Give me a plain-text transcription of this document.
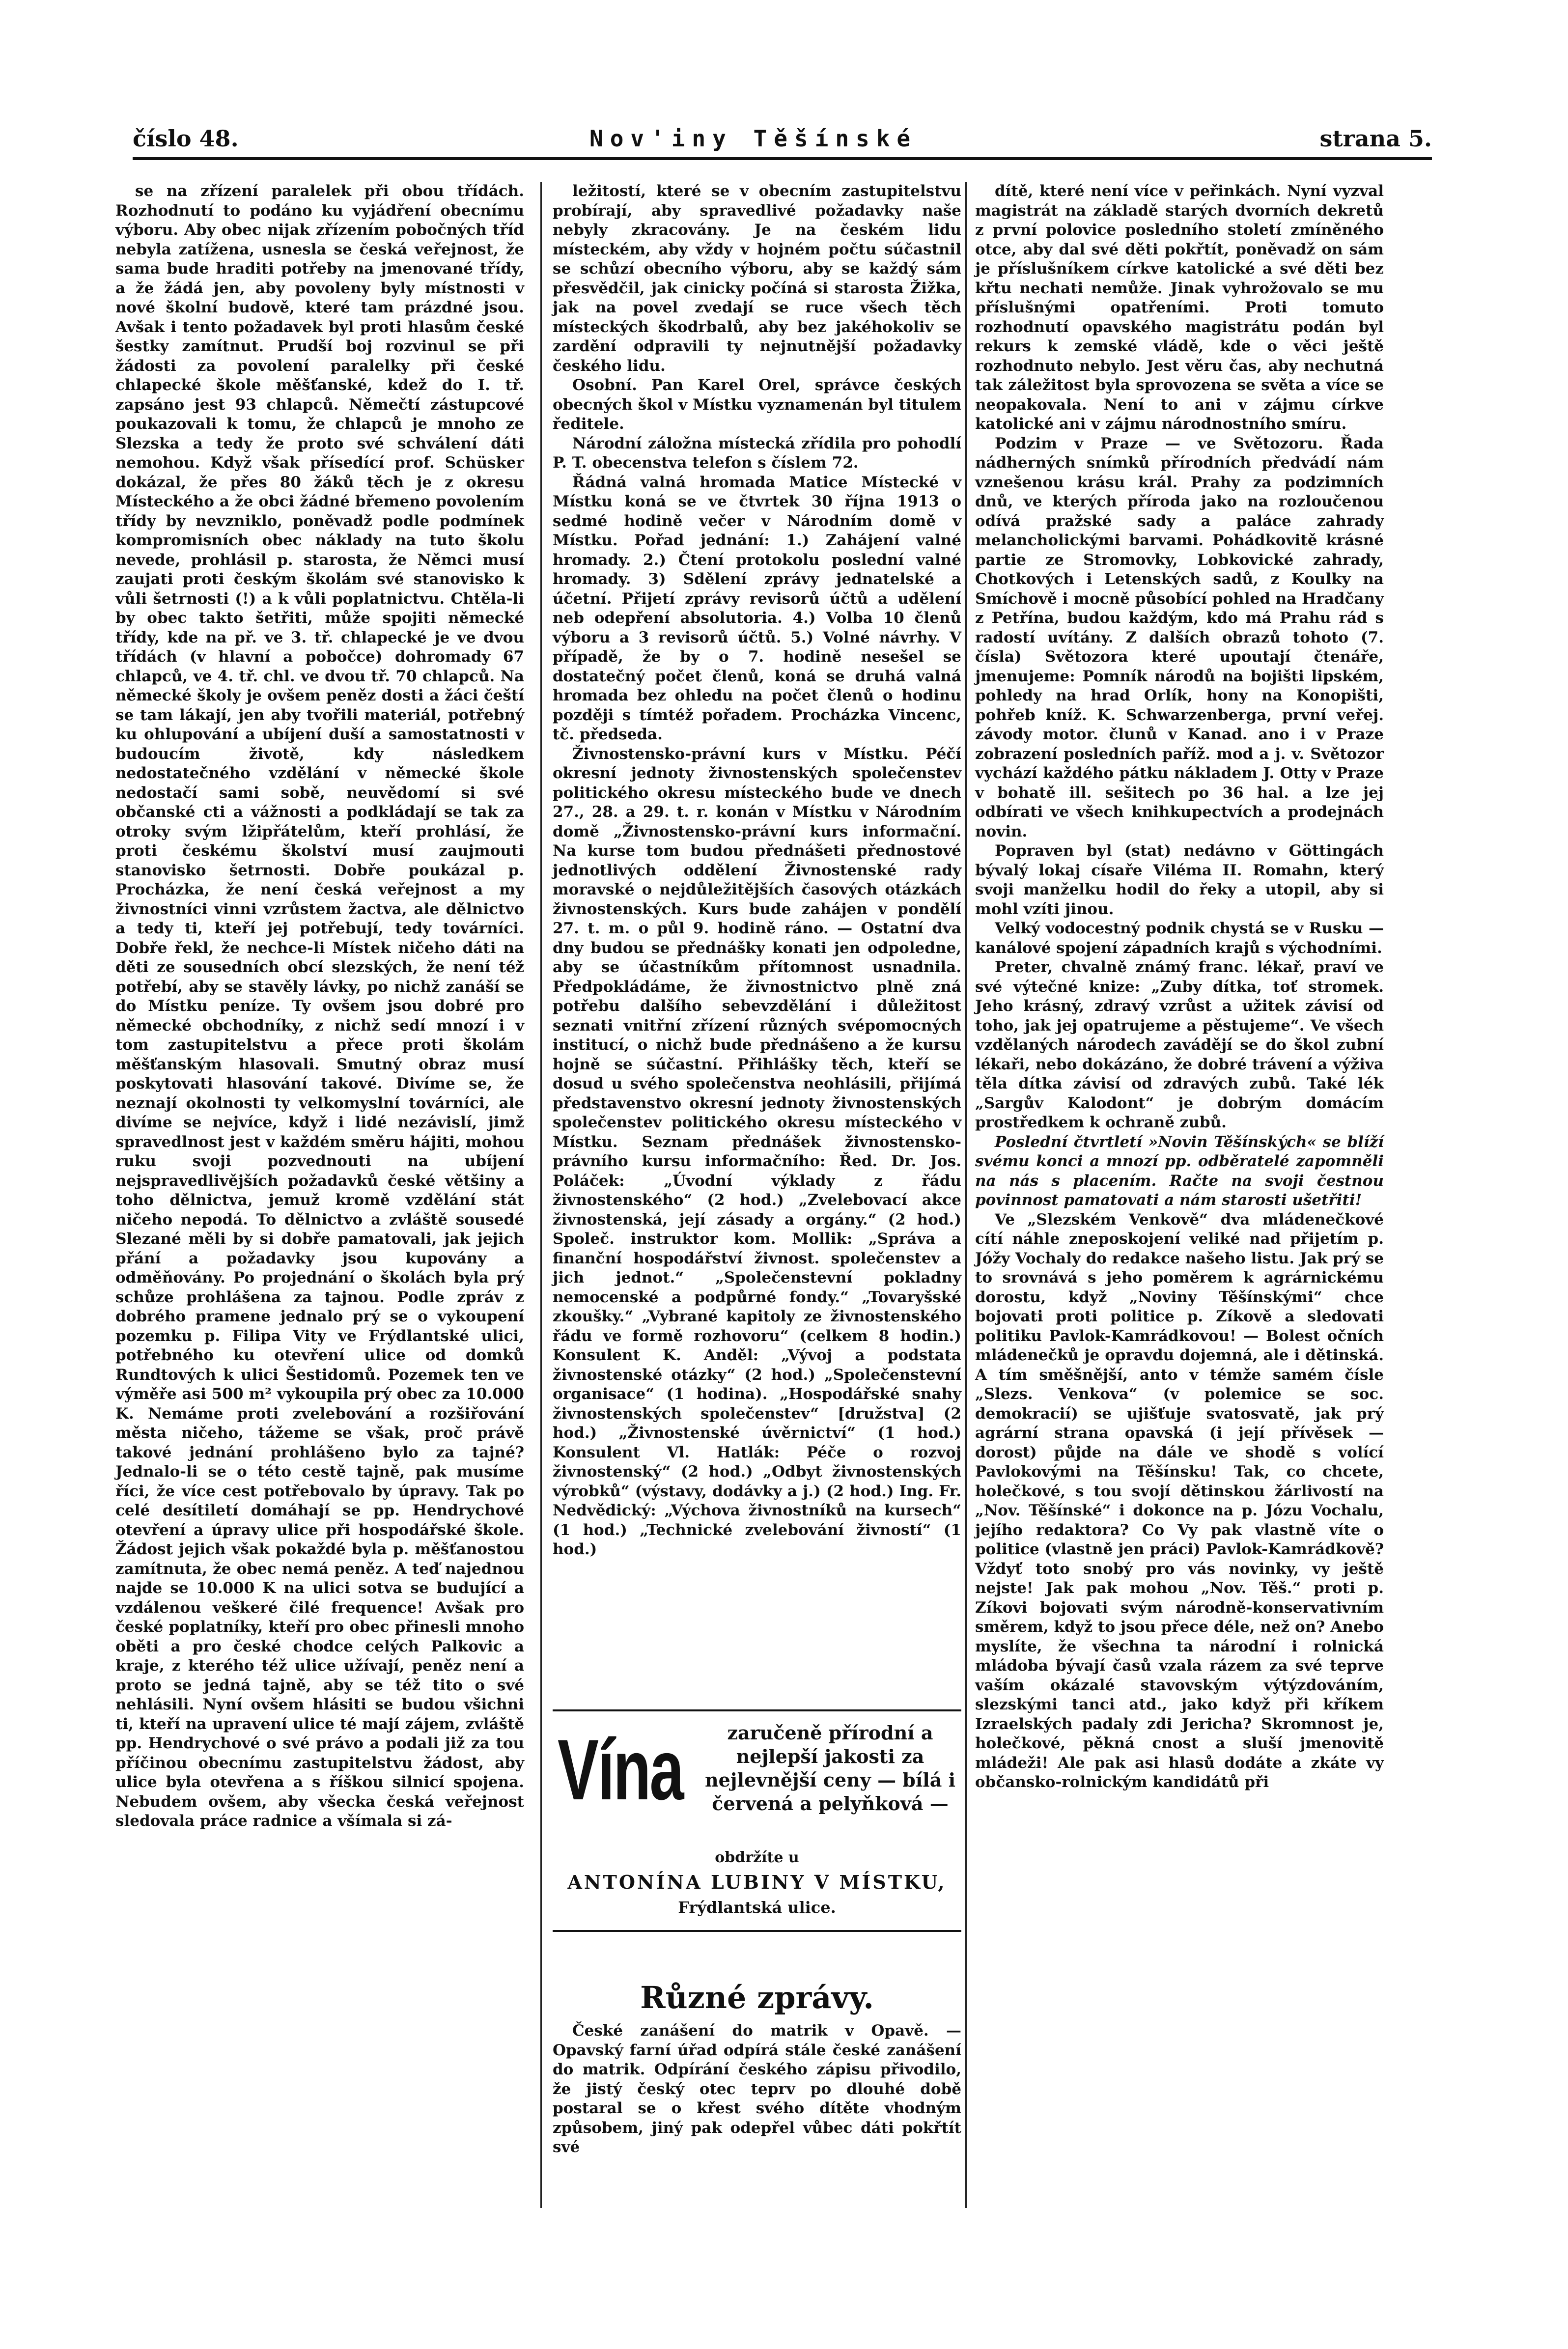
číslo 48.	Nov'iny Těšínské	strana 5.

se na zřízení paralelek při obou třídách. Rozhodnutí to podáno ku vyjádření obecnímu výboru. Aby obec nijak zřízením pobočných tříd nebyla zatížena, usnesla se česká veřejnost, že sama bude hraditi potřeby na jmenované třídy, a že žádá jen, aby povoleny byly místnosti v nové školní budově, které tam prázdné jsou. Avšak i tento požadavek byl proti hlasům české šestky zamítnut. Prudší boj rozvinul se při žádosti za povolení paralelky při české chlapecké škole měšťanské, kdež do I. tř. zapsáno jest 93 chlapců. Němečtí zástupcové poukazovali k tomu, že chlapců je mnoho ze Slezska a tedy že proto své schválení dáti nemohou. Když však přísedící prof. Schüsker dokázal, že přes 80 žáků těch je z okresu Místeckého a že obci žádné břemeno povolením třídy by nevzniklo, poněvadž podle podmínek kompromisních obec náklady na tuto školu nevede, prohlásil p. starosta, že Němci musí zaujati proti českým školám své stanovisko k vůli šetrnosti (!) a k vůli poplatnictvu. Chtěla-li by obec takto šetřiti, může spojiti německé třídy, kde na př. ve 3. tř. chlapecké je ve dvou třídách (v hlavní a pobočce) dohromady 67 chlapců, ve 4. tř. chl. ve dvou tř. 70 chlapců. Na německé školy je ovšem peněz dosti a žáci čeští se tam lákají, jen aby tvořili materiál, potřebný ku ohlupování a ubíjení duší a samostatnosti v budoucím životě, kdy následkem nedostatečného vzdělání v německé škole nedostačí sami sobě, neuvědomí si své občanské cti a vážnosti a podkládají se tak za otroky svým lžipřátelům, kteří prohlásí, že proti českému školství musí zaujmouti stanovisko šetrnosti. Dobře poukázal p. Procházka, že není česká veřejnost a my živnostníci vinni vzrůstem žactva, ale dělnictvo a tedy ti, kteří jej potřebují, tedy továrníci. Dobře řekl, že nechce-li Místek ničeho dáti na děti ze sousedních obcí slezských, že není též potřebí, aby se stavěly lávky, po nichž zanáší se do Místku peníze. Ty ovšem jsou dobré pro německé obchodníky, z nichž sedí mnozí i v tom zastupitelstvu a přece proti školám měšťanským hlasovali. Smutný obraz musí poskytovati hlasování takové. Divíme se, že neznají okolnosti ty velkomyslní továrníci, ale divíme se nejvíce, když i lidé nezávislí, jimž spravedlnost jest v každém směru hájiti, mohou ruku svoji pozvednouti na ubíjení nejspravedlivějších požadavků české většiny a toho dělnictva, jemuž kromě vzdělání stát ničeho nepodá. To dělnictvo a zvláště sousedé Slezané měli by si dobře pamatovali, jak jejich přání a požadavky jsou kupovány a odměňovány. Po projednání o školách byla prý schůze prohlášena za tajnou. Podle zpráv z dobrého pramene jednalo prý se o vykoupení pozemku p. Filipa Vity ve Frýdlantské ulici, potřebného ku otevření ulice od domků Rundtových k ulici Šestidomů. Pozemek ten ve výměře asi 500 m² vykoupila prý obec za 10.000 K. Nemáme proti zvelebování a rozšiřování města ničeho, tážeme se však, proč právě takové jednání prohlášeno bylo za tajné? Jednalo-li se o této cestě tajně, pak musíme říci, že více cest potřebovalo by úpravy. Tak po celé desítiletí domáhají se pp. Hendrychové otevření a úpravy ulice při hospodářské škole. Žádost jejich však pokaždé byla p. měšťanostou zamítnuta, že obec nemá peněz. A teď najednou najde se 10.000 K na ulici sotva se budující a vzdálenou veškeré čilé frequence! Avšak pro české poplatníky, kteří pro obec přinesli mnoho oběti a pro české chodce celých Palkovic a kraje, z kterého též ulice užívají, peněz není a proto se jedná tajně, aby se též tito o své nehlásili. Nyní ovšem hlásiti se budou všichni ti, kteří na upravení ulice té mají zájem, zvláště pp. Hendrychové o své právo a podali již za tou příčinou obecnímu zastupitelstvu žádost, aby ulice byla otevřena a s říškou silnicí spojena. Nebudem ovšem, aby všecka česká veřejnost sledovala práce radnice a všímala si zá-

ležitostí, které se v obecním zastupitelstvu probírají, aby spravedlivé požadavky naše nebyly zkracovány. Je na českém lidu místeckém, aby vždy v hojném počtu súčastnil se schůzí obecního výboru, aby se každý sám přesvědčil, jak cinicky počíná si starosta Žižka, jak na povel zvedají se ruce všech těch místeckých škodrbalů, aby bez jakéhokoliv se zardění odpravili ty nejnutnější požadavky českého lidu.

Osobní. Pan Karel Orel, správce českých obecných škol v Místku vyznamenán byl titulem ředitele.

Národní záložna místecká zřídila pro pohodlí P. T. obecenstva telefon s číslem 72.

Řádná valná hromada Matice Místecké v Místku koná se ve čtvrtek 30 října 1913 o sedmé hodině večer v Národním domě v Místku. Pořad jednání: 1.) Zahájení valné hromady. 2.) Čtení protokolu poslední valné hromady. 3) Sdělení zprávy jednatelské a účetní. Přijetí zprávy revisorů účtů a udělení neb odepření absolutoria. 4.) Volba 10 členů výboru a 3 revisorů účtů. 5.) Volné návrhy. V případě, že by o 7. hodině nesešel se dostatečný počet členů, koná se druhá valná hromada bez ohledu na počet členů o hodinu později s tímtéž pořadem. Procházka Vincenc, tč. předseda.

Živnostensko-právní kurs v Místku. Péčí okresní jednoty živnostenských společenstev politického okresu místeckého bude ve dnech 27., 28. a 29. t. r. konán v Místku v Národním domě „Živnostensko-právní kurs informační. Na kurse tom budou přednášeti přednostové jednotlivých oddělení Živnostenské rady moravské o nejdůležitějších časových otázkách živnostenských. Kurs bude zahájen v pondělí 27. t. m. o půl 9. hodině ráno. — Ostatní dva dny budou se přednášky konati jen odpoledne, aby se účastníkům přítomnost usnadnila. Předpokládáme, že živnostnictvo plně zná potřebu dalšího sebevzdělání i důležitost seznati vnitřní zřízení různých svépomocných institucí, o nichž bude přednášeno a že kursu hojně se súčastní. Přihlášky těch, kteří se dosud u svého společenstva neohlásili, přijímá představenstvo okresní jednoty živnostenských společenstev politického okresu místeckého v Místku. Seznam přednášek živnostensko-právního kursu informačního: Řed. Dr. Jos. Poláček: „Úvodní výklady z řádu živnostenského“ (2 hod.) „Zvelebovací akce živnostenská, její zásady a orgány.“ (2 hod.) Společ. instruktor kom. Mollik: „Správa a finanční hospodářství živnost. společenstev a jich jednot.“ „Společenstevní pokladny nemocenské a podpůrné fondy.“ „Tovaryšské zkoušky.“ „Vybrané kapitoly ze živnostenského řádu ve formě rozhovoru“ (celkem 8 hodin.) Konsulent K. Anděl: „Vývoj a podstata živnostenské otázky“ (2 hod.) „Společenstevní organisace“ (1 hodina). „Hospodářské snahy živnostenských společenstev“ [družstva] (2 hod.) „Živnostenské úvěrnictví“ (1 hod.) Konsulent Vl. Hatlák: Péče o rozvoj živnostenský“ (2 hod.) „Odbyt živnostenských výrobků“ (výstavy, dodávky a j.) (2 hod.) Ing. Fr. Nedvědický: „Výchova živnostníků na kursech“ (1 hod.) „Technické zvelebování živností“ (1 hod.)

Vína	zaručeně přírodní a nejlepší jakosti za nejlevnější ceny — bílá i červená a pelyňková —
obdržíte u
ANTONÍNA LUBINY V MÍSTKU,
Frýdlantská ulice.
Různé zprávy.

České zanášení do matrik v Opavě. — Opavský farní úřad odpírá stále české zanášení do matrik. Odpírání českého zápisu přivodilo, že jistý český otec teprv po dlouhé době postaral se o křest svého dítěte vhodným způsobem, jiný pak odepřel vůbec dáti pokřtít své

dítě, které není více v peřinkách. Nyní vyzval magistrát na základě starých dvorních dekretů z první polovice posledního století zmíněného otce, aby dal své děti pokřtít, poněvadž on sám je příslušníkem církve katolické a své děti bez křtu nechati nemůže. Jinak vyhrožovalo se mu příslušnými opatřeními. Proti tomuto rozhodnutí opavského magistrátu podán byl rekurs k zemské vládě, kde o věci ještě rozhodnuto nebylo. Jest věru čas, aby nechutná tak záležitost byla sprovozena se světa a více se neopakovala. Není to ani v zájmu církve katolické ani v zájmu národnostního smíru.

Podzim v Praze — ve Světozoru. Řada nádherných snímků přírodních předvádí nám vznešenou krásu král. Prahy za podzimních dnů, ve kterých příroda jako na rozloučenou odívá pražské sady a paláce zahrady melancholickými barvami. Pohádkovitě krásné partie ze Stromovky, Lobkovické zahrady, Chotkových i Letenských sadů, z Koulky na Smíchově i mocně působící pohled na Hradčany z Petřína, budou každým, kdo má Prahu rád s radostí uvítány. Z dalších obrazů tohoto (7. čísla) Světozora které upoutají čtenáře, jmenujeme: Pomník národů na bojišti lipském, pohledy na hrad Orlík, hony na Konopišti, pohřeb kníž. K. Schwarzenberga, první veřej. závody motor. člunů v Kanad. ano i v Praze zobrazení posledních paříž. mod a j. v. Světozor vychází každého pátku nákladem J. Otty v Praze v bohatě ill. sešitech po 36 hal. a lze jej odbírati ve všech knihkupectvích a prodejnách novin.

Popraven byl (stat) nedávno v Göttingách bývalý lokaj císaře Viléma II. Romahn, který svoji manželku hodil do řeky a utopil, aby si mohl vzíti jinou.

Velký vodocestný podnik chystá se v Rusku — kanálové spojení západních krajů s východními.

Preter, chvalně známý franc. lékař, praví ve své výtečné knize: „Zuby dítka, toť stromek. Jeho krásný, zdravý vzrůst a užitek závisí od toho, jak jej opatrujeme a pěstujeme“. Ve všech vzdělaných národech zavádějí se do škol zubní lékaři, nebo dokázáno, že dobré trávení a výživa těla dítka závisí od zdravých zubů. Také lék „Sargův Kalodont“ je dobrým domácím prostředkem k ochraně zubů.

Poslední čtvrtletí »Novin Těšínských« se blíží svému konci a mnozí pp. odběratelé zapomněli na nás s placením. Račte na svoji čestnou povinnost pamatovati a nám starosti ušetřiti!

Ve „Slezském Venkově“ dva mládenečkové cítí náhle zneposkojení veliké nad přijetím p. Jóžy Vochaly do redakce našeho listu. Jak prý se to srovnává s jeho poměrem k agrárnickému dorostu, když „Noviny Těšínskými“ chce bojovati proti politice p. Zíkově a sledovati politiku Pavlok-Kamrádkovou! — Bolest očních mládenečků je opravdu dojemná, ale i dětinská. A tím směšnější, anto v témže samém čísle „Slezs. Venkova“ (v polemice se soc. demokracií) se ujišťuje svatosvatě, jak prý agrární strana opavská (i její přívěsek — dorost) půjde na dále ve shodě s volící Pavlokovými na Těšínsku! Tak, co chcete, holečkové, s tou svojí dětinskou žárlivostí na „Nov. Těšínské“ i dokonce na p. Józu Vochalu, jejího redaktora? Co Vy pak vlastně víte o politice (vlastně jen práci) Pavlok-Kamrádkově? Vždyť toto snobý pro vás novinky, vy ještě nejste! Jak pak mohou „Nov. Těš.“ proti p. Zíkovi bojovati svým národně-konservativním směrem, když to jsou přece déle, než on? Anebo myslíte, že všechna ta národní i rolnická mládoba bývají časů vzala rázem za své teprve vaším okázalé stavovským výtýzdováním, slezskými tanci atd., jako když při kříkem Izraelských padaly zdi Jericha? Skromnost je, holečkové, pěkná cnost a sluší jmenovitě mládeži! Ale pak asi hlasů dodáte a zkáte vy občansko-rolnickým kandidátů při
